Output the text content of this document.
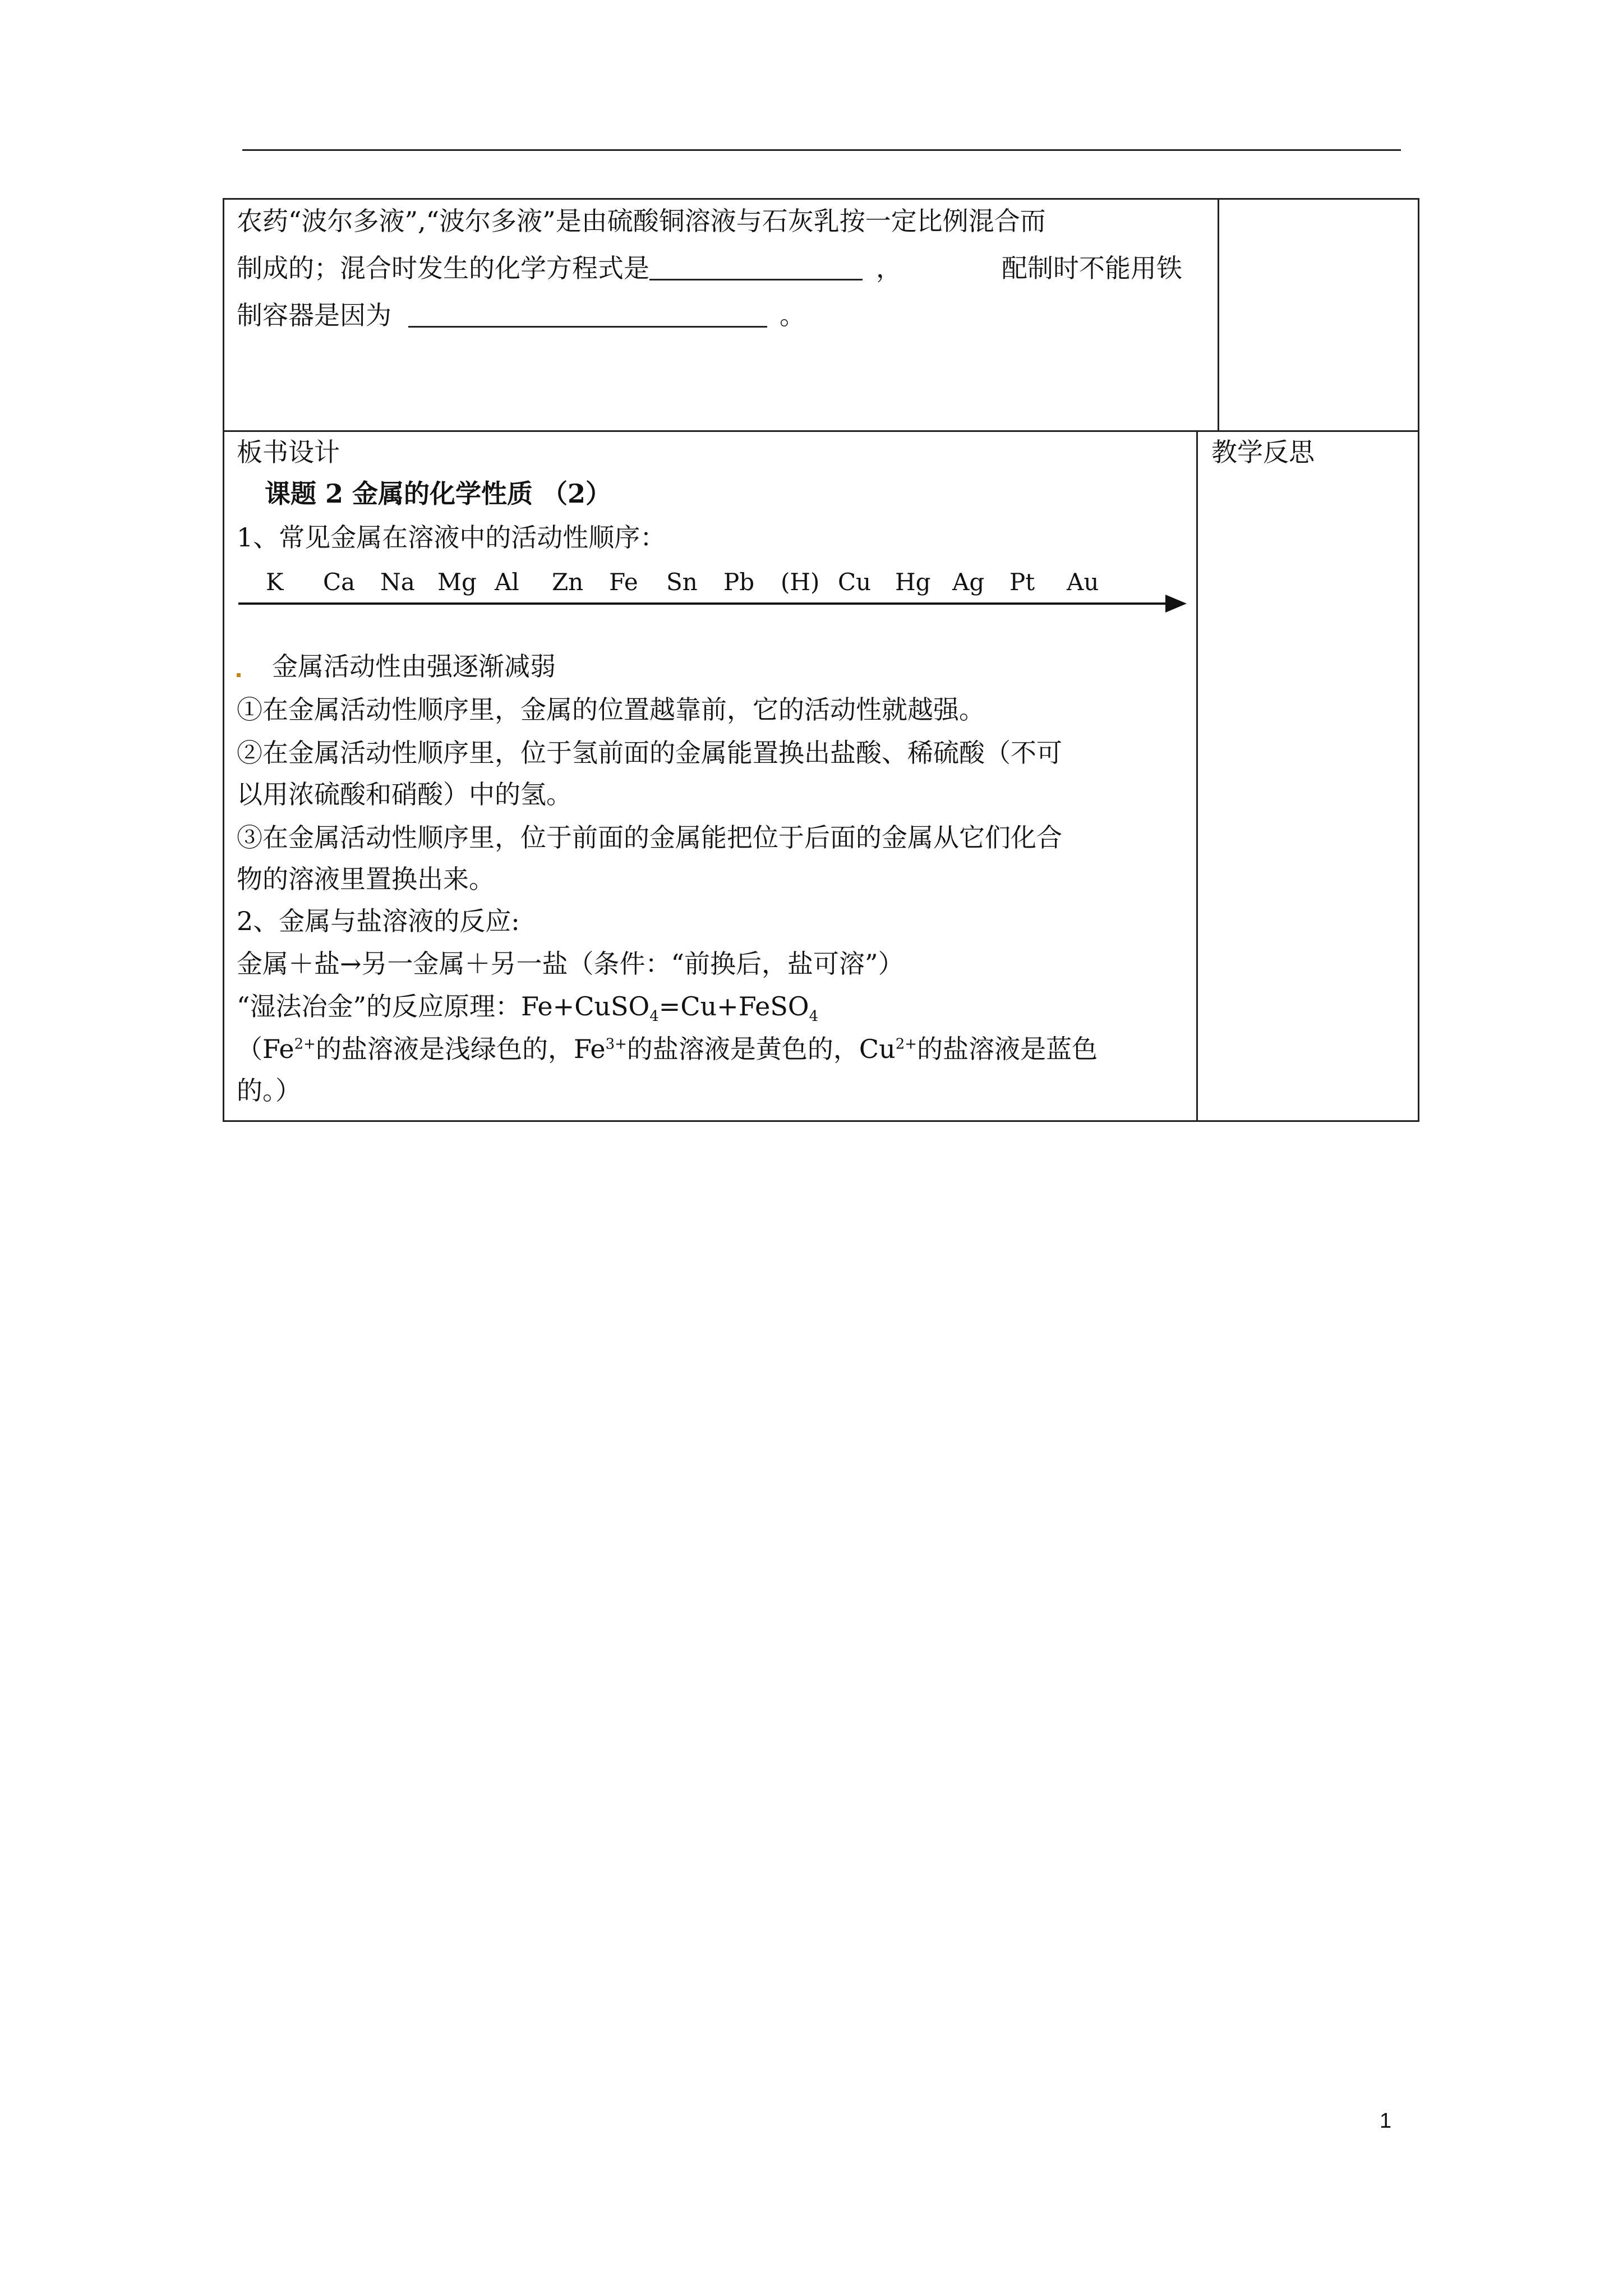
农药“波尔多液”,“波尔多液”是由硫酸铜溶液与石灰乳按一定比例混合而
制成的；混合时发生的化学方程式是	，	配制时不能用铁
制容器是因为	。
板书设计
课题 2 金属的化学性质 （2）
1、常见金属在溶液中的活动性顺序：
K Ca Na Mg Al Zn Fe Sn Pb (H) Cu Hg Ag Pt Au
金属活动性由强逐渐减弱
①在金属活动性顺序里，金属的位置越靠前，它的活动性就越强。
②在金属活动性顺序里，位于氢前面的金属能置换出盐酸、稀硫酸（不可
以用浓硫酸和硝酸）中的氢。
③在金属活动性顺序里，位于前面的金属能把位于后面的金属从它们化合
物的溶液里置换出来。
2、金属与盐溶液的反应:
金属＋盐→另一金属＋另一盐（条件：“前换后，盐可溶”）
“湿法冶金”的反应原理：Fe+CuSO$_4$=Cu+FeSO$_4$
（$Fe^{2+}$的盐溶液是浅绿色的，$Fe^{3+}$的盐溶液是黄色的，$Cu^{2+}$的盐溶液是蓝色
的。）
教学反思
1
